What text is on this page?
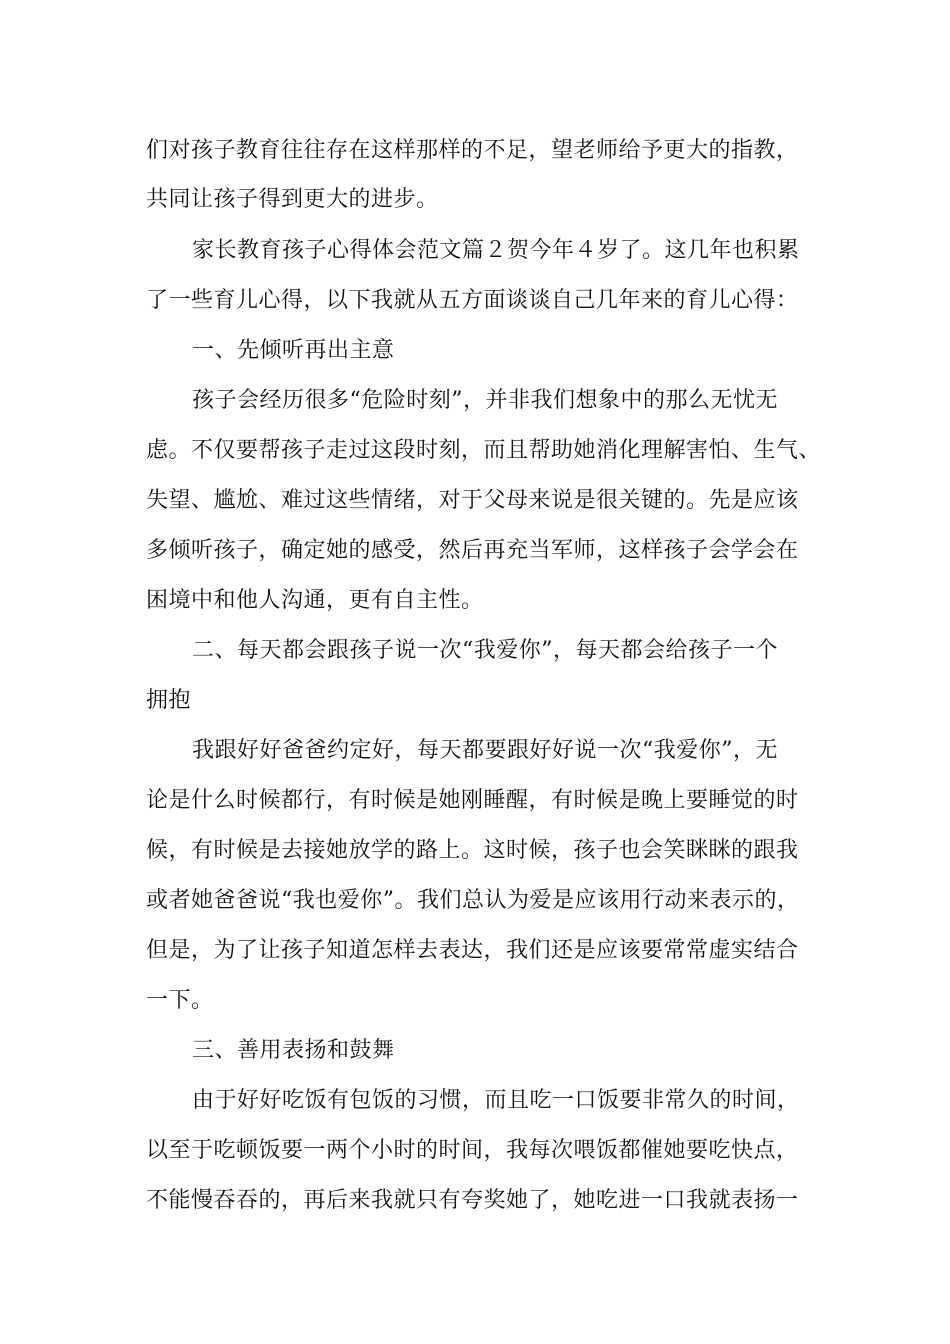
们对孩子教育往往存在这样那样的不足，望老师给予更大的指教，
共同让孩子得到更大的进步。
家长教育孩子心得体会范文篇２贺今年４岁了。这几年也积累
了一些育儿心得，以下我就从五方面谈谈自己几年来的育儿心得：
一、先倾听再出主意
孩子会经历很多“危险时刻”，并非我们想象中的那么无忧无
虑。不仅要帮孩子走过这段时刻，而且帮助她消化理解害怕、生气、
失望、尴尬、难过这些情绪，对于父母来说是很关键的。先是应该
多倾听孩子，确定她的感受，然后再充当军师，这样孩子会学会在
困境中和他人沟通，更有自主性。
二、每天都会跟孩子说一次“我爱你”，每天都会给孩子一个
拥抱
我跟好好爸爸约定好，每天都要跟好好说一次“我爱你”，无
论是什么时候都行，有时候是她刚睡醒，有时候是晚上要睡觉的时
候，有时候是去接她放学的路上。这时候，孩子也会笑眯眯的跟我
或者她爸爸说“我也爱你”。我们总认为爱是应该用行动来表示的，
但是，为了让孩子知道怎样去表达，我们还是应该要常常虚实结合
一下。
三、善用表扬和鼓舞
由于好好吃饭有包饭的习惯，而且吃一口饭要非常久的时间，
以至于吃顿饭要一两个小时的时间，我每次喂饭都催她要吃快点，
不能慢吞吞的，再后来我就只有夸奖她了，她吃进一口我就表扬一
